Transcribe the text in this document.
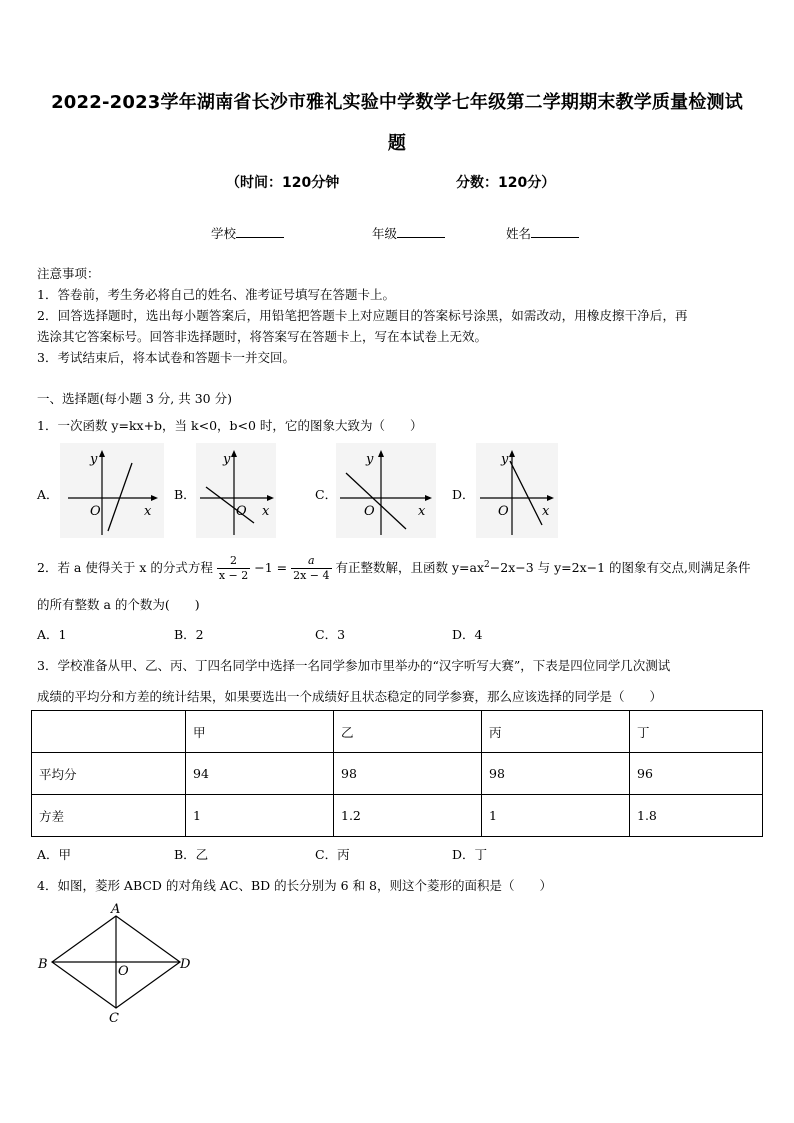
2022-2023学年湖南省长沙市雅礼实验中学数学七年级第二学期期末教学质量检测试
题
（时间：120分钟	分数：120分）
学校	年级	姓名
注意事项：
1．答卷前，考生务必将自己的姓名、准考证号填写在答题卡上。
2．回答选择题时，选出每小题答案后，用铅笔把答题卡上对应题目的答案标号涂黑，如需改动，用橡皮擦干净后，再
选涂其它答案标号。回答非选择题时，将答案写在答题卡上，写在本试卷上无效。
3．考试结束后，将本试卷和答题卡一并交回。
一、选择题(每小题 3 分, 共 30 分)
1．一次函数 y=kx+b，当 k<0，b<0 时，它的图象大致为（　　）
A．
y
O	x
B．
y
O x
C．
y
O	x
D．
y
O	x
2．若 a 使得关于 x 的分式方程 $\frac{2}{x - 2} -1 = \frac{a}{2x - 4}$ 有正整数解，且函数 $y=ax^2-2x-3$ 与 y=2x−1 的图象有交点,则满足条件
的所有整数 a 的个数为(　　)
A．1	B．2	C．3	D．4
3．学校准备从甲、乙、丙、丁四名同学中选择一名同学参加市里举办的“汉字听写大赛”，下表是四位同学几次测试
成绩的平均分和方差的统计结果，如果要选出一个成绩好且状态稳定的同学参赛，那么应该选择的同学是（　　）
	甲	乙	丙	丁
平均分	94	98	98	96
方差	1	1.2	1	1.8
A．甲	B．乙	C．丙	D．丁
4．如图，菱形 ABCD 的对角线 AC、BD 的长分别为 6 和 8，则这个菱形的面积是（　　）
A
B	O	D
C
